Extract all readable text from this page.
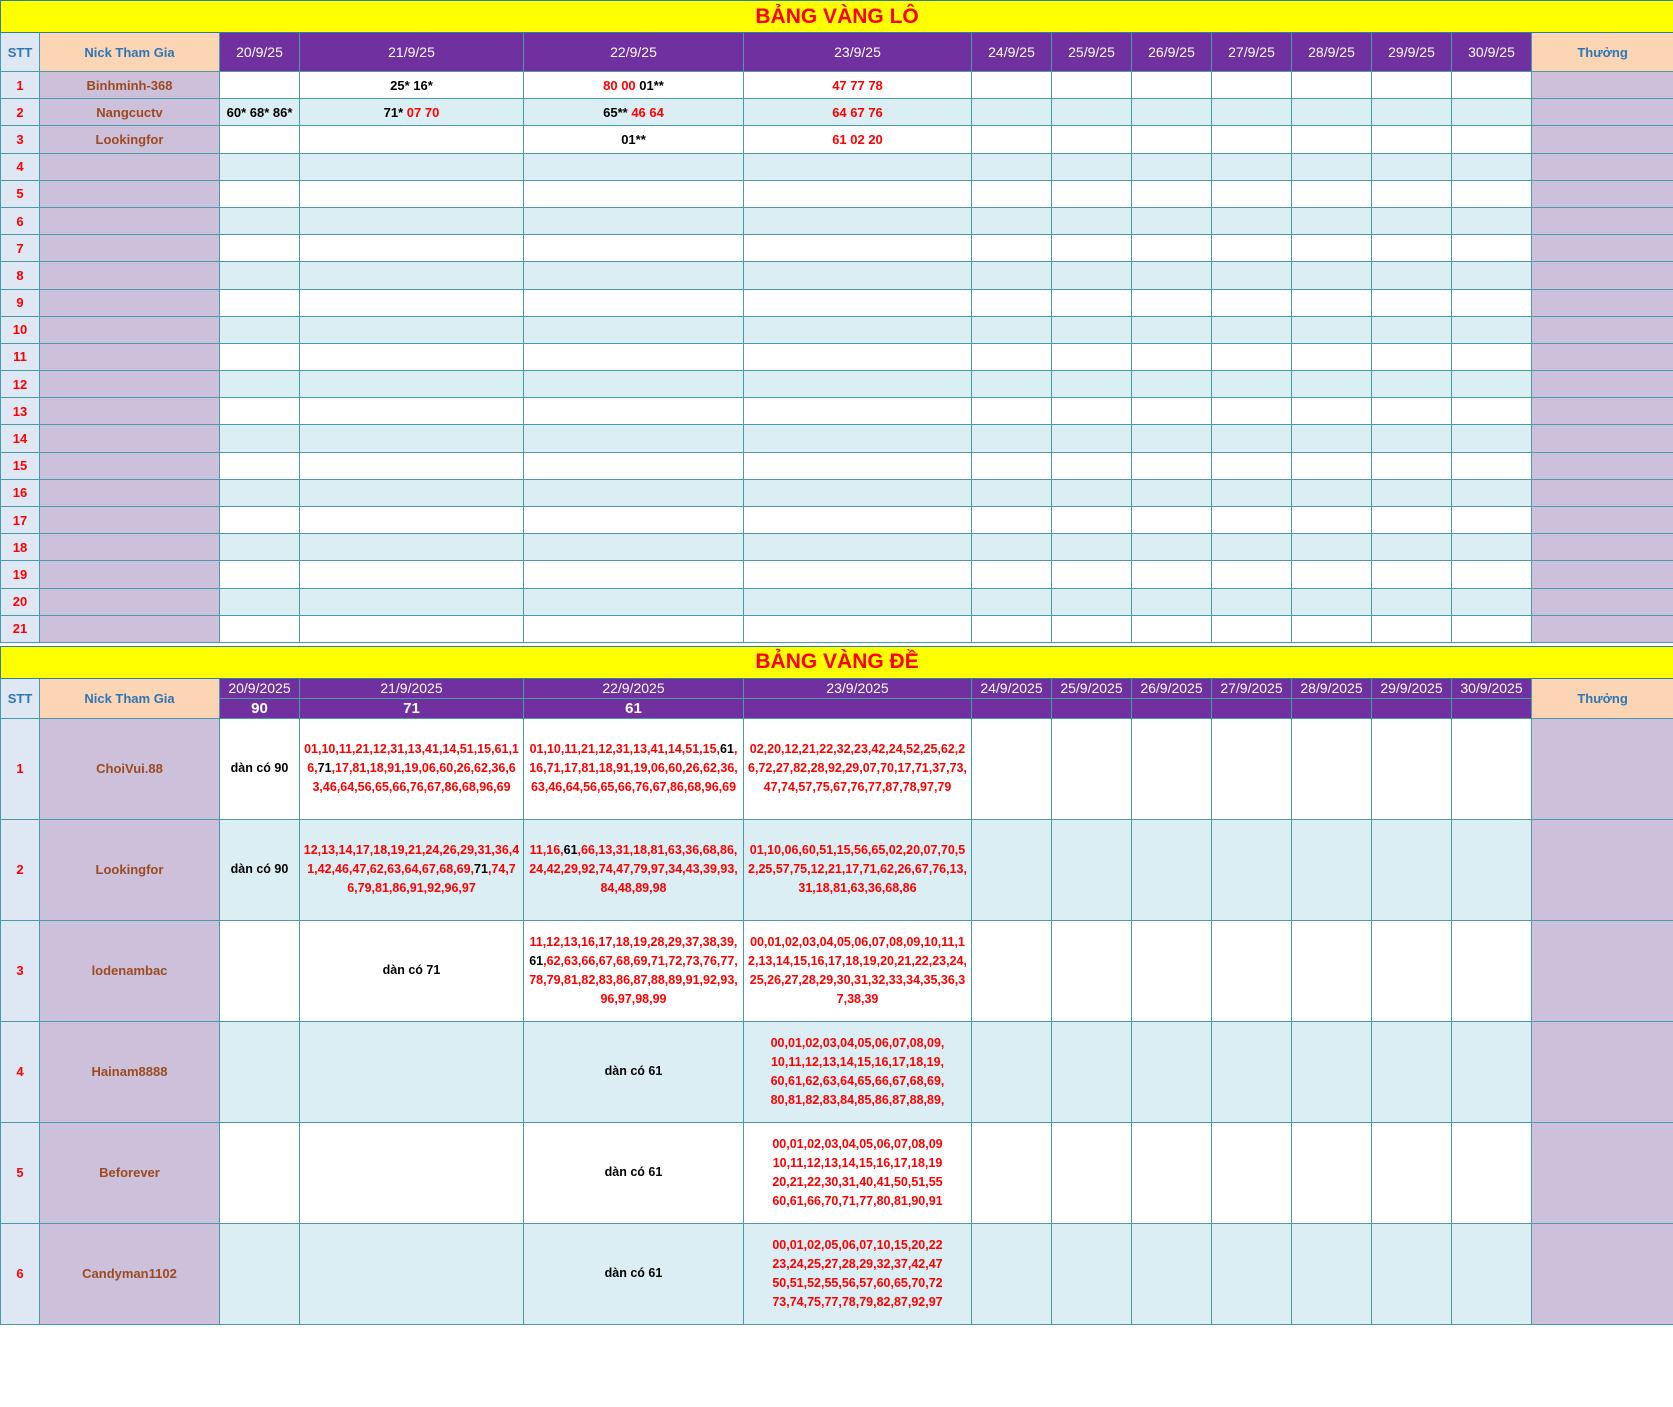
BẢNG VÀNG LÔ													
STT	Nick Tham Gia	20/9/25	21/9/25	22/9/25	23/9/25	24/9/25	25/9/25	26/9/25	27/9/25	28/9/25	29/9/25	30/9/25	Thưởng
1	Binhminh-368		25* 16*	80 00 01**	47 77 78								
2	Nangcuctv	60* 68* 86*	71* 07 70	65** 46 64	64 67 76								
3	Lookingfor			01**	61 02 20								
4													
5													
6													
7													
8													
9													
10													
11													
12													
13													
14													
15													
16													
17													
18													
19													
20													
21													

BẢNG VÀNG ĐỀ													
STT	Nick Tham Gia	20/9/2025	21/9/2025	22/9/2025	23/9/2025	24/9/2025	25/9/2025	26/9/2025	27/9/2025	28/9/2025	29/9/2025	30/9/2025	Thưởng
		90	71	61									
1	ChoiVui.88	dàn có 90	01,10,11,21,12,31,13,41,14,51,15,61,16,71,17,81,18,91,19,06,60,26,62,36,63,46,64,56,65,66,76,67,86,68,96,69	01,10,11,21,12,31,13,41,14,51,15,61,16,71,17,81,18,91,19,06,60,26,62,36,63,46,64,56,65,66,76,67,86,68,96,69	02,20,12,21,22,32,23,42,24,52,25,62,26,72,27,82,28,92,29,07,70,17,71,37,73,47,74,57,75,67,76,77,87,78,97,79								
2	Lookingfor	dàn có 90	12,13,14,17,18,19,21,24,26,29,31,36,41,42,46,47,62,63,64,67,68,69,71,74,76,79,81,86,91,92,96,97	11,16,61,66,13,31,18,81,63,36,68,86,24,42,29,92,74,47,79,97,34,43,39,93,84,48,89,98	01,10,06,60,51,15,56,65,02,20,07,70,52,25,57,75,12,21,17,71,62,26,67,76,13,31,18,81,63,36,68,86								
3	lodenambac		dàn có 71	11,12,13,16,17,18,19,28,29,37,38,39,61,62,63,66,67,68,69,71,72,73,76,77,78,79,81,82,83,86,87,88,89,91,92,93,96,97,98,99	00,01,02,03,04,05,06,07,08,09,10,11,12,13,14,15,16,17,18,19,20,21,22,23,24,25,26,27,28,29,30,31,32,33,34,35,36,37,38,39								
4	Hainam8888			dàn có 61	00,01,02,03,04,05,06,07,08,09,
10,11,12,13,14,15,16,17,18,19,
60,61,62,63,64,65,66,67,68,69,
80,81,82,83,84,85,86,87,88,89,								
5	Beforever			dàn có 61	00,01,02,03,04,05,06,07,08,09
10,11,12,13,14,15,16,17,18,19
20,21,22,30,31,40,41,50,51,55
60,61,66,70,71,77,80,81,90,91								
6	Candyman1102			dàn có 61	00,01,02,05,06,07,10,15,20,22
23,24,25,27,28,29,32,37,42,47
50,51,52,55,56,57,60,65,70,72
73,74,75,77,78,79,82,87,92,97								
